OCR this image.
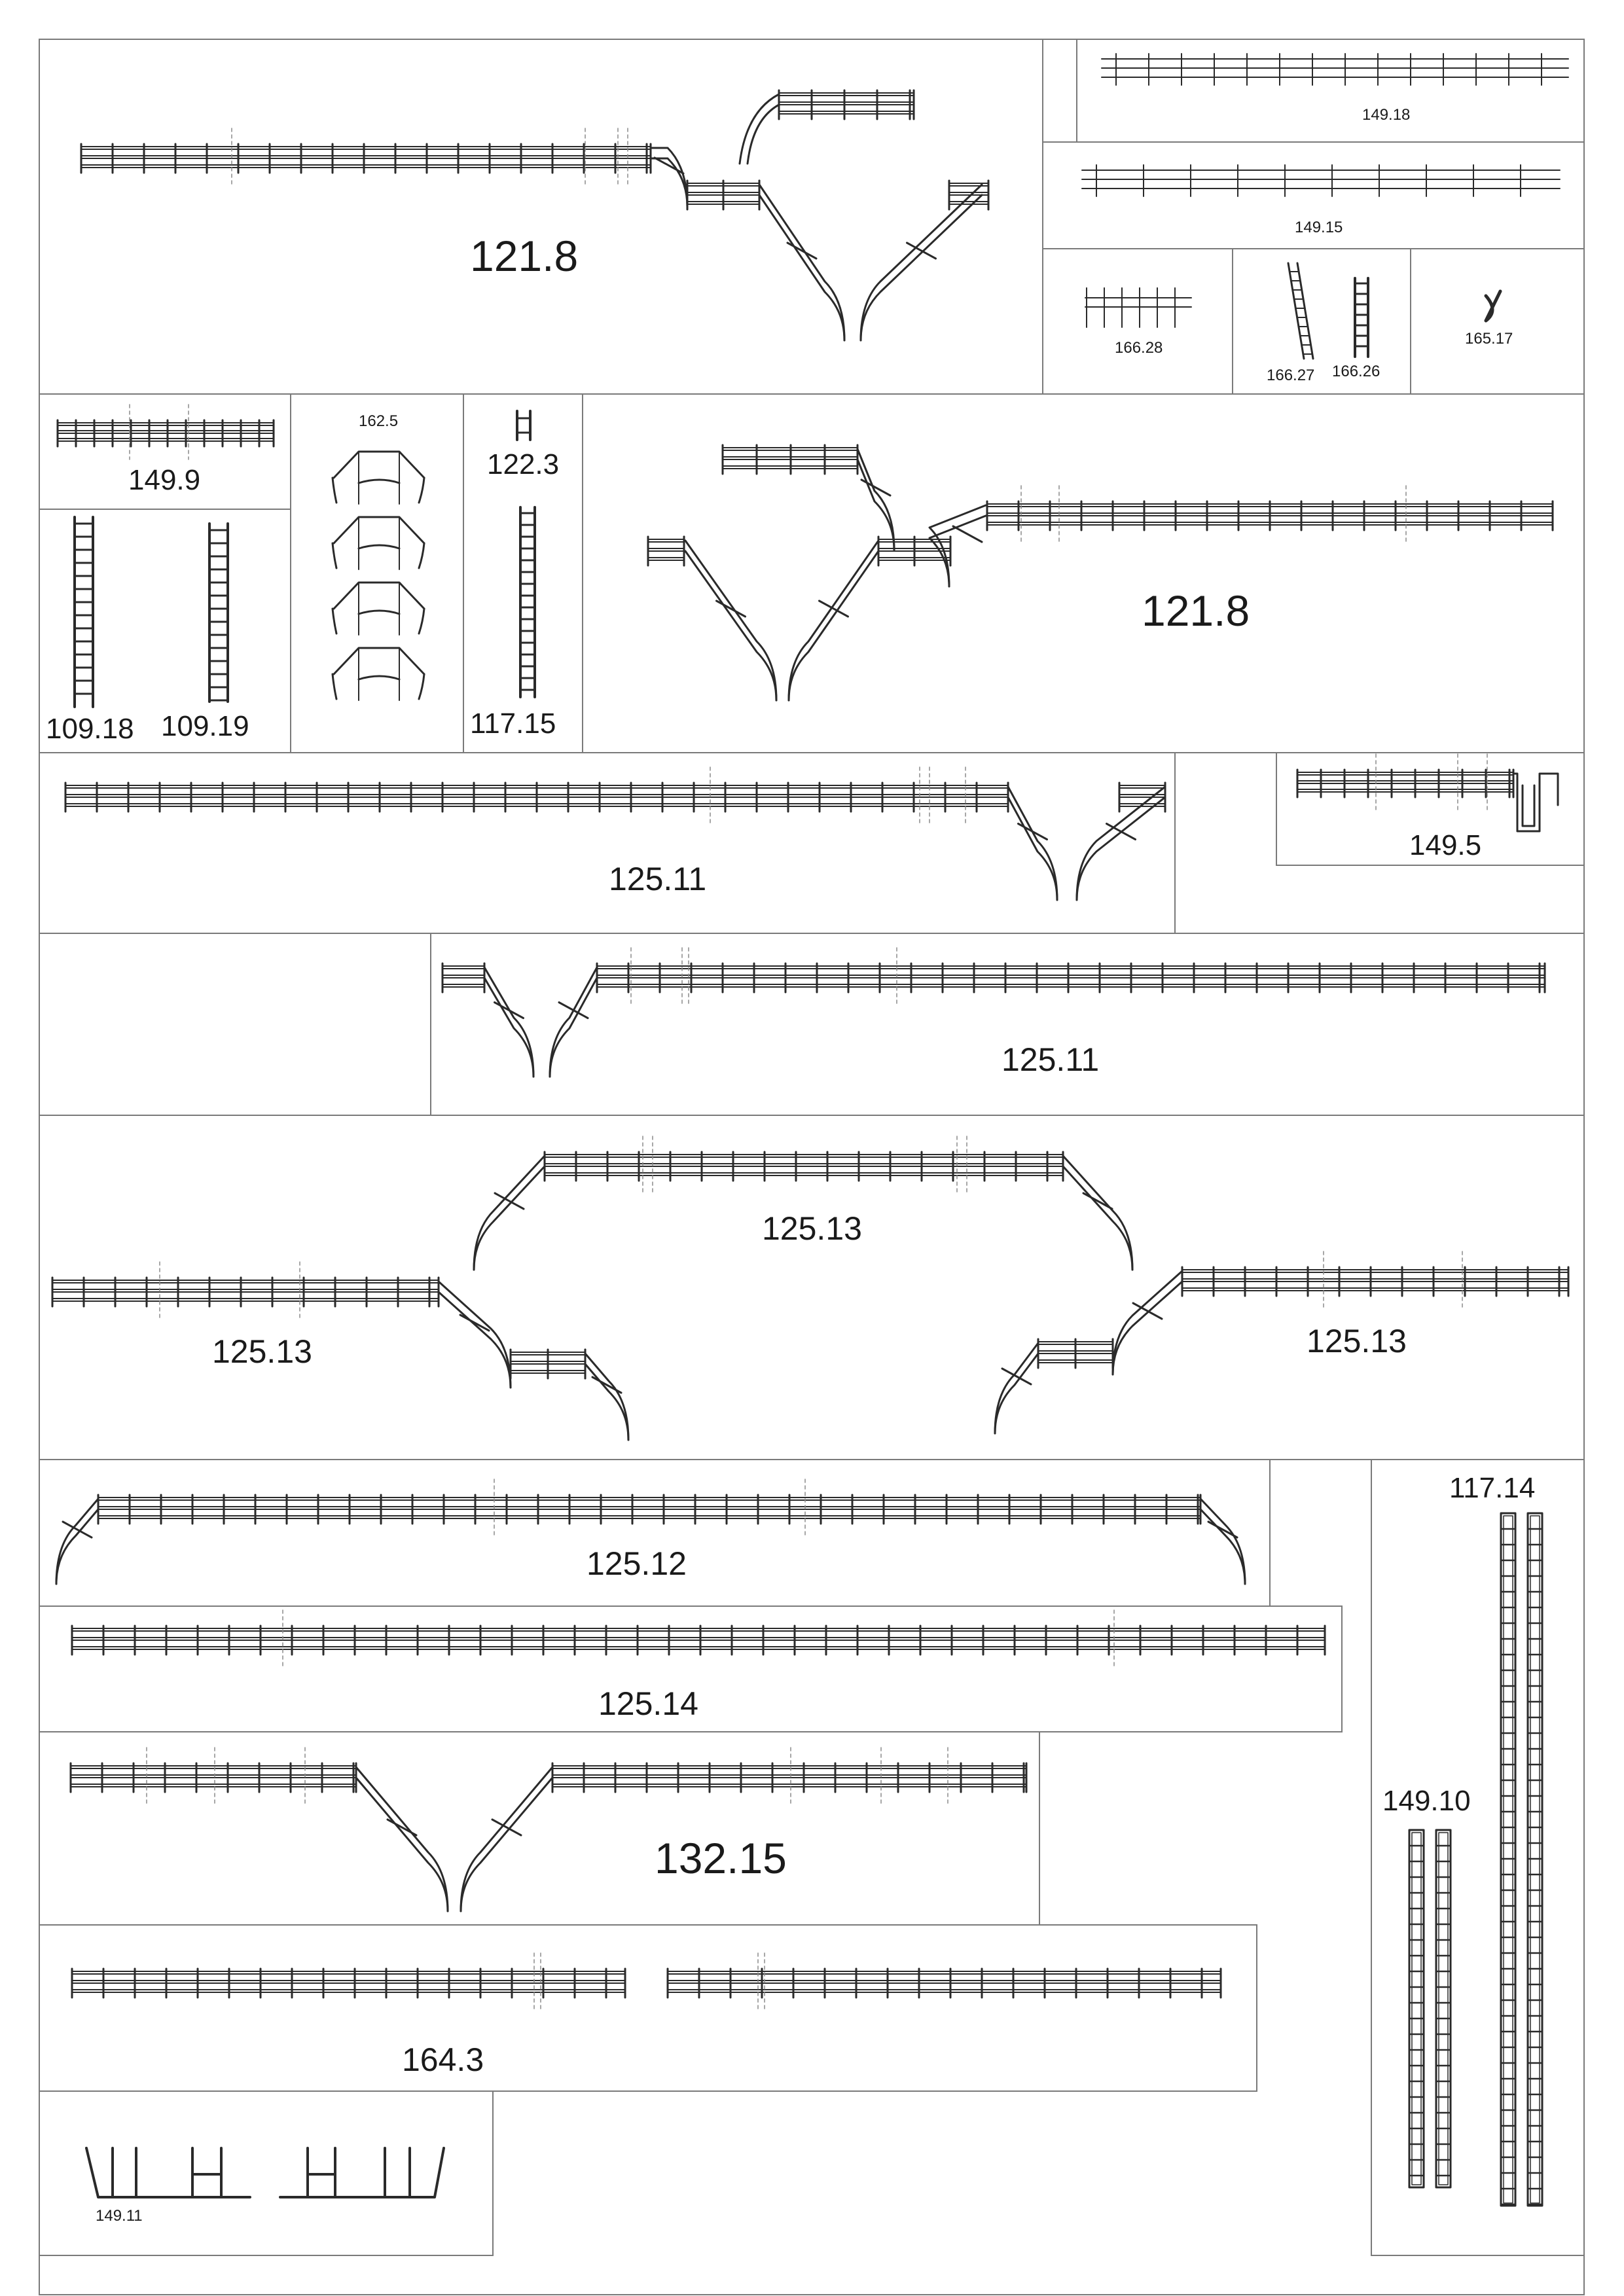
121.8
149.18
149.15
166.28
166.27 166.26
165.17
149.9
162.5
122.3
109.18 109.19	117.15
121.8
125.11
149.5
125.11
125.13
125.13	125.13
125.12
117.14
125.14
149.10
132.15
164.3
149.11
